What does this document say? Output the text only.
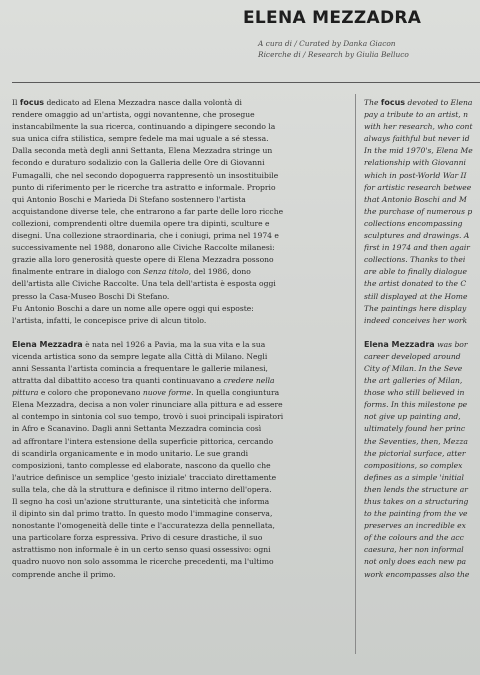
ELENA MEZZADRA
A cura di / Curated by Danka Giacon
Ricerche di / Research by Giulia Belluco
Il focus dedicato ad Elena Mezzadra nasce dalla volontà di
rendere omaggio ad un'artista, oggi novantenne, che prosegue
instancabilmente la sua ricerca, continuando a dipingere secondo la
sua unica cifra stilistica, sempre fedele ma mai uguale a sé stessa.
Dalla seconda metà degli anni Settanta, Elena Mezzadra stringe un
fecondo e duraturo sodalizio con la Galleria delle Ore di Giovanni
Fumagalli, che nel secondo dopoguerra rappresentò un insostituibile
punto di riferimento per le ricerche tra astratto e informale. Proprio
qui Antonio Boschi e Marieda Di Stefano sostennero l'artista
acquistandone diverse tele, che entrarono a far parte delle loro ricche
collezioni, comprendenti oltre duemila opere tra dipinti, sculture e
disegni. Una collezione straordinaria, che i coniugi, prima nel 1974 e
successivamente nel 1988, donarono alle Civiche Raccolte milanesi:
grazie alla loro generosità queste opere di Elena Mezzadra possono
finalmente entrare in dialogo con Senza titolo, del 1986, dono
dell'artista alle Civiche Raccolte. Una tela dell'artista è esposta oggi
presso la Casa-Museo Boschi Di Stefano.
Fu Antonio Boschi a dare un nome alle opere oggi qui esposte:
l'artista, infatti, le concepisce prive di alcun titolo.
Elena Mezzadra è nata nel 1926 a Pavia, ma la sua vita e la sua
vicenda artistica sono da sempre legate alla Città di Milano. Negli
anni Sessanta l'artista comincia a frequentare le gallerie milanesi,
attratta dal dibattito acceso tra quanti continuavano a credere nella
pittura e coloro che proponevano nuove forme. In quella congiuntura
Elena Mezzadra, decisa a non voler rinunciare alla pittura e ad essere
al contempo in sintonia col suo tempo, trovò i suoi principali ispiratori
in Afro e Scanavino. Dagli anni Settanta Mezzadra comincia così
ad affrontare l'intera estensione della superficie pittorica, cercando
di scandirla organicamente e in modo unitario. Le sue grandi
composizioni, tanto complesse ed elaborate, nascono da quello che
l'autrice definisce un semplice 'gesto iniziale' tracciato direttamente
sulla tela, che dà la struttura e definisce il ritmo interno dell'opera.
Il segno ha così un'azione strutturante, una sinteticità che informa
il dipinto sin dal primo tratto. In questo modo l'immagine conserva,
nonostante l'omogeneità delle tinte e l'accuratezza della pennellata,
una particolare forza espressiva. Privo di cesure drastiche, il suo
astrattismo non informale è in un certo senso quasi ossessivo: ogni
quadro nuovo non solo assomma le ricerche precedenti, ma l'ultimo
comprende anche il primo.
The focus devoted to Elena
pay a tribute to an artist, n
with her research, who cont
always faithful but never id
In the mid 1970's, Elena Me
relationship with Giovanni
which in post-World War II
for artistic research betwee
that Antonio Boschi and M
the purchase of numerous p
collections encompassing
sculptures and drawings. A
first in 1974 and then agair
collections. Thanks to thei
are able to finally dialogue
the artist donated to the C
still displayed at the Home
The paintings here display
indeed conceives her work
Elena Mezzadra was bor
career developed around
City of Milan. In the Seve
the art galleries of Milan,
those who still believed in
forms. In this milestone pe
not give up painting and,
ultimately found her princ
the Seventies, then, Mezza
the pictorial surface, atter
compositions, so complex
defines as a simple 'initial
then lends the structure ar
thus takes on a structuring
to the painting from the ve
preserves an incredible ex
of the colours and the acc
caesura, her non informal
not only does each new pa
work encompasses also the
